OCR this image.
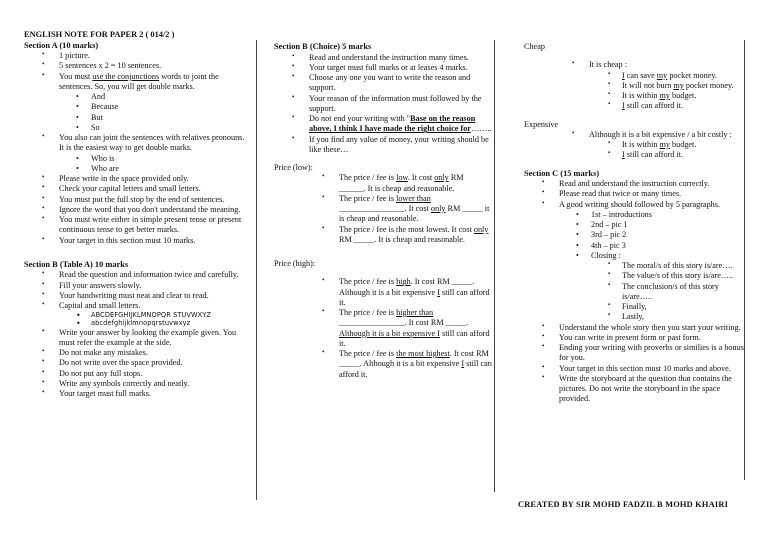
ENGLISH NOTE FOR PAPER 2 ( 014/2 )
Section A (10 marks)
• 1 picture.
• 5 sentences x 2 = 10 sentences.
• You must use the conjunctions words to joint the sentences. So, you will get double marks.
• And
• Because
• But
• So
• You also can joint the sentences with relatives pronouns. It is the easiest way to get double marks.
• Who is
• Who are
• Please write in the space provided only.
• Check your capital letters and small letters.
• You must put the full stop by the end of sentences.
• Ignore the word that you don't understand the meaning.
• You must write either in simple present tense or present continuous tense to get better marks.
• Your target in this section must 10 marks.
Section B (Table A) 10 marks
• Read the question and information twice and carefully.
• Fill your answers slowly.
• Your handwriting must neat and clear to read.
• Capital and small letters.
• ABCDEFGHIJKLMNOPQR STUVWXYZ
• abcdefghijklmnopqrstuvwxyz
• Write your answer by looking the example given. You must refer the example at the side.
• Do not make any mistakes.
• Do not write over the space provided.
• Do not put any full stops.
• Write any symbols correctly and neatly.
• Your target must full marks.
Section B (Choice) 5 marks
• Read and understand the instruction many times.
• Your target must full marks or at leases 4 marks.
• Choose any one you want to write the reason and support.
• Your reason of the information must followed by the support.
• Do not end your writing with "Base on the reason above, I think I have made the right choice for……..
• If you find any value of money, your writing should be like these…
Price (low):
• The price / fee is low. It cost only RM ______. It is cheap and reasonable.
• The price / fee is lower than ________________. It cost only RM _____ it is cheap and reasonable.
• The price / fee is the most lowest. It cost only RM _____. It is cheap and reasonable.
Price (high):
• The price / fee is high. It cost RM _____. Although it is a bit expensive I still can afford it.
• The price / fee is higher than ________________. It cost RM _____. Although it is a bit expensive I still can afford it.
• The price / fee is the most highest. It cost RM _____. Although it is a bit expensive I still can afford it.
Cheap
• It is cheap :
▪ I can save my pocket money.
▪ It will not burn my pocket money.
▪ It is within my budget.
▪ I still can afford it.
Expensive
• Although it is a bit expensive / a bit costly :
▪ It is within my budget.
▪ I still can afford it.
Section C (15 marks)
• Read and understand the instruction correctly.
• Please read that twice or many times.
• A good writing should followed by 5 paragraphs.
• 1st – introductions
• 2nd – pic 1
• 3rd – pic 2
• 4th – pic 3
• Closing :
▪ The moral/s of this story is/are….
▪ The value/s of this story is/are…..
▪ The conclusion/s of this story is/are…..
▪ Finally,
▪ Lastly,
• Understand the whole story then you start your writing.
• You can write in present form or past form.
• Ending your writing with proverbs or similies is a bonus for you.
• Your target in this section must 10 marks and above.
• Write the storyboard at the question that contains the pictures. Do not write the storyboard in the space provided.
CREATED BY SIR MOHD FADZIL B MOHD KHAIRI
